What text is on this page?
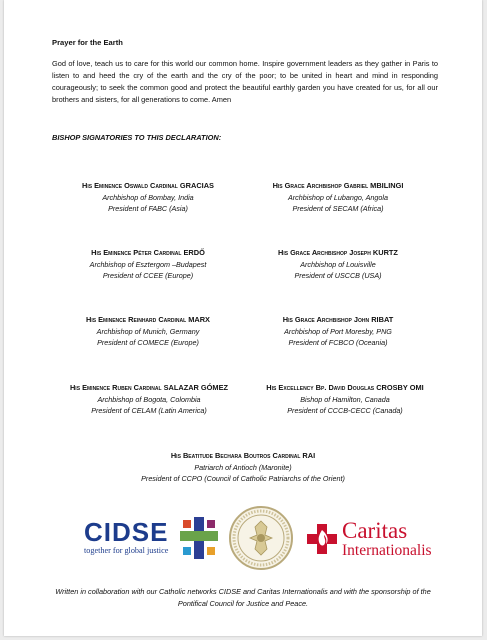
Prayer for the Earth
God of love, teach us to care for this world our common home. Inspire government leaders as they gather in Paris to listen to and heed the cry of the earth and the cry of the poor; to be united in heart and mind in responding courageously; to seek the common good and protect the beautiful earthly garden you have created for us, for all our brothers and sisters, for all generations to come. Amen
BISHOP SIGNATORIES TO THIS DECLARATION:
His Eminence Oswald Cardinal GRACIAS
Archbishop of Bombay, India
President of FABC (Asia)
His Grace Archbishop Gabriel MBILINGI
Archbishop of Lubango, Angola
President of SECAM (Africa)
His Eminence Péter Cardinal ERDŐ
Archbishop of Esztergom –Budapest
President of CCEE (Europe)
His Grace Archbishop Joseph KURTZ
Archbishop of Louisville
President of USCCB (USA)
His Eminence Reinhard Cardinal MARX
Archbishop of Munich, Germany
President of COMECE (Europe)
His Grace Archbishop John RIBAT
Archbishop of Port Moresby, PNG
President of FCBCO (Oceania)
His Eminence Ruben Cardinal SALAZAR GÓMEZ
Archbishop of Bogota, Colombia
President of CELAM (Latin America)
His Excellency Bp. David Douglas CROSBY OMI
Bishop of Hamilton, Canada
President of CCCB-CECC (Canada)
His Beatitude Bechara Boutros Cardinal RAI
Patriarch of Antioch (Maronite)
President of CCPO (Council of Catholic Patriarchs of the Orient)
CIDSE
together for global justice
Caritas
Internationalis
Written in collaboration with our Catholic networks CIDSE and Caritas Internationalis and with the sponsorship of the Pontifical Council for Justice and Peace.
